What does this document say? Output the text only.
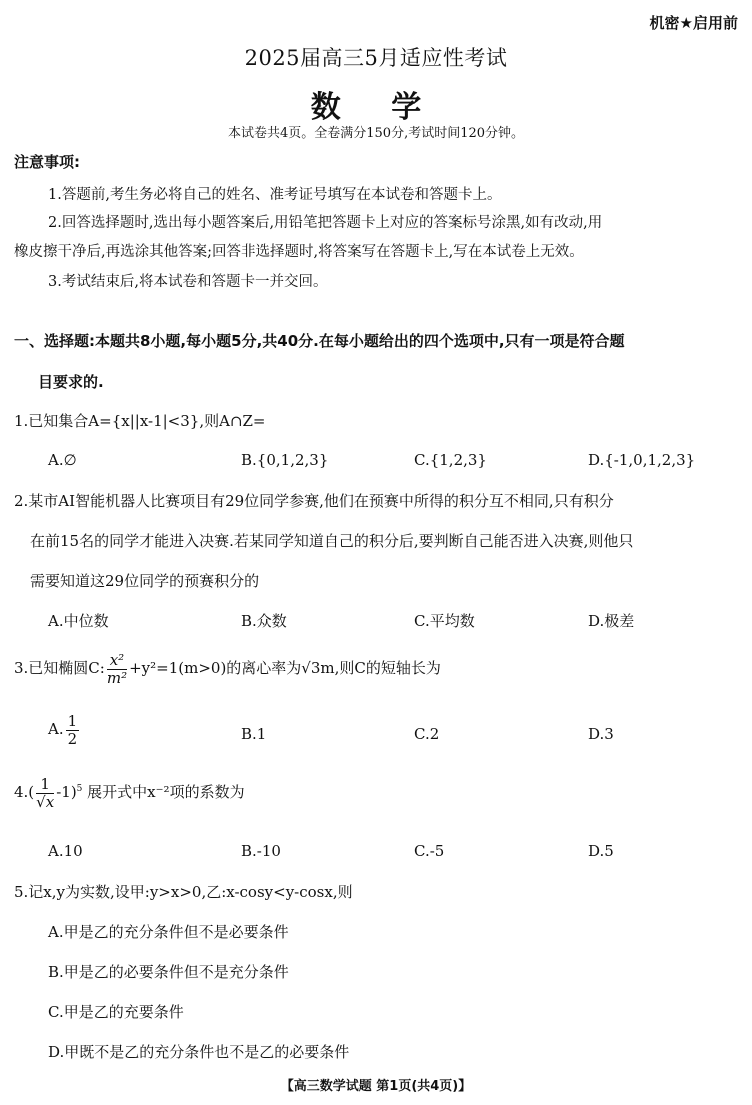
机密★启用前
2025届高三5月适应性考试
数 学
本试卷共4页。全卷满分150分,考试时间120分钟。
注意事项:
1.答题前,考生务必将自己的姓名、准考证号填写在本试卷和答题卡上。
2.回答选择题时,选出每小题答案后,用铅笔把答题卡上对应的答案标号涂黑,如有改动,用
橡皮擦干净后,再选涂其他答案;回答非选择题时,将答案写在答题卡上,写在本试卷上无效。
3.考试结束后,将本试卷和答题卡一并交回。
一、选择题:本题共8小题,每小题5分,共40分.在每小题给出的四个选项中,只有一项是符合题
目要求的.
1.已知集合A={x||x-1|<3},则A∩Z=
A.∅	B.{0,1,2,3}	C.{1,2,3}	D.{-1,0,1,2,3}
2.某市AI智能机器人比赛项目有29位同学参赛,他们在预赛中所得的积分互不相同,只有积分
在前15名的同学才能进入决赛.若某同学知道自己的积分后,要判断自己能否进入决赛,则他只
需要知道这29位同学的预赛积分的
A.中位数	B.众数	C.平均数	D.极差
3.已知椭圆C: $\frac{\text{x²}}{\text{m²}} +y^2=1(m>0)$的离心率为√3m,则C的短轴长为
A. $\frac{1}{2}$	B.1	C.2	D.3
$4.( \frac{1}{√x} -1)^5$ 展开式中x⁻²项的系数为
A.10	B.-10	C.-5	D.5
5.记x,y为实数,设甲:y>x>0,乙:x-cosy<y-cosx,则
A.甲是乙的充分条件但不是必要条件
B.甲是乙的必要条件但不是充分条件
C.甲是乙的充要条件
D.甲既不是乙的充分条件也不是乙的必要条件
【高三数学试题 第1页(共4页)】
